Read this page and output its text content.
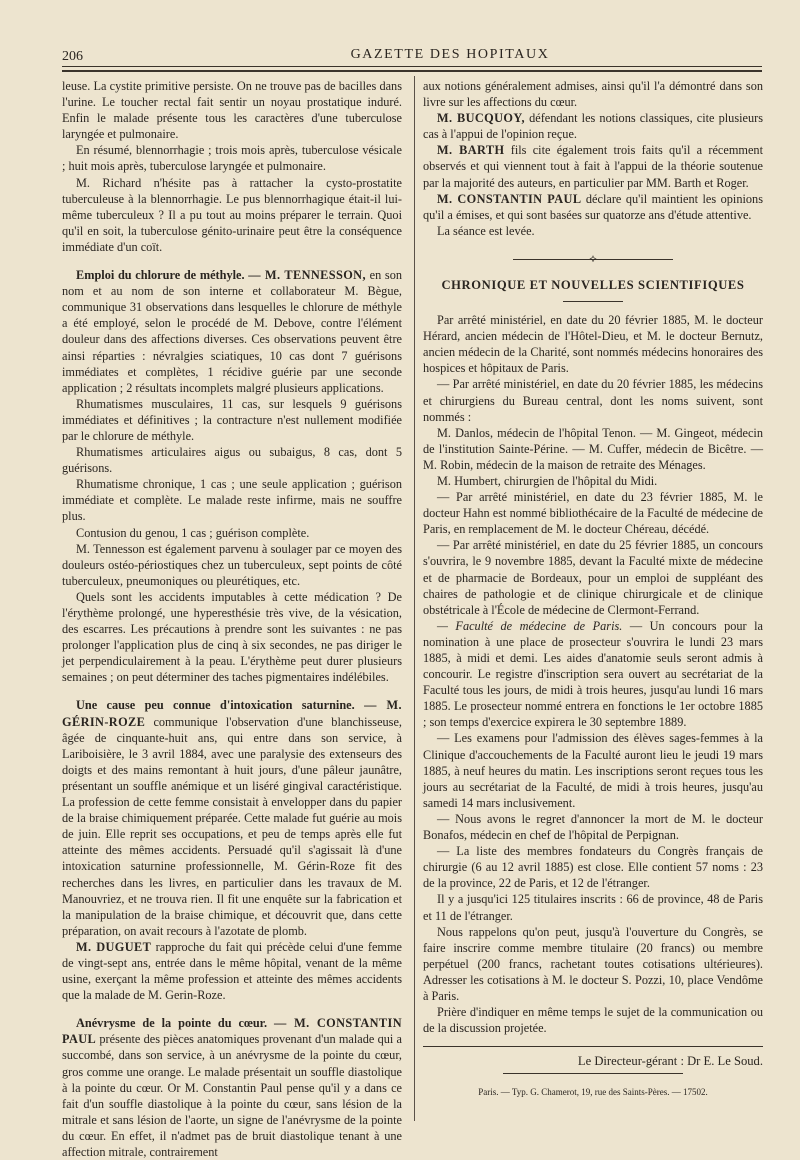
206	GAZETTE DES HOPITAUX

leuse. La cystite primitive persiste. On ne trouve pas de bacilles dans l'urine. Le toucher rectal fait sentir un noyau prostatique induré. Enfin le malade présente tous les caractères d'une tuberculose laryngée et pulmonaire.

En résumé, blennorrhagie ; trois mois après, tuberculose vésicale ; huit mois après, tuberculose laryngée et pulmonaire.

M. Richard n'hésite pas à rattacher la cysto-prostatite tuberculeuse à la blennorrhagie. Le pus blennorrhagique était-il lui-même tuberculeux ? Il a pu tout au moins préparer le terrain. Quoi qu'il en soit, la tuberculose génito-urinaire peut être la conséquence immédiate d'un coït.

Emploi du chlorure de méthyle. — M. TENNESSON, en son nom et au nom de son interne et collaborateur M. Bègue, communique 31 observations dans lesquelles le chlorure de méthyle a été employé, selon le procédé de M. Debove, contre l'élément douleur dans des affections diverses. Ces observations peuvent être ainsi réparties : névralgies sciatiques, 10 cas dont 7 guérisons immédiates et complètes, 1 récidive guérie par une seconde application ; 2 résultats incomplets malgré plusieurs applications.

Rhumatismes musculaires, 11 cas, sur lesquels 9 guérisons immédiates et définitives ; la contracture n'est nullement modifiée par le chlorure de méthyle.

Rhumatismes articulaires aigus ou subaigus, 8 cas, dont 5 guérisons.

Rhumatisme chronique, 1 cas ; une seule application ; guérison immédiate et complète. Le malade reste infirme, mais ne souffre plus.

Contusion du genou, 1 cas ; guérison complète.

M. Tennesson est également parvenu à soulager par ce moyen des douleurs ostéo-périostiques chez un tuberculeux, sept points de côté tuberculeux, pneumoniques ou pleurétiques, etc.

Quels sont les accidents imputables à cette médication ? De l'érythème prolongé, une hyperesthésie très vive, de la vésication, des escarres. Les précautions à prendre sont les suivantes : ne pas prolonger l'application plus de cinq à six secondes, ne pas diriger le jet perpendiculairement à la peau. L'érythème peut durer plusieurs semaines ; on peut déterminer des taches pigmentaires indélébiles.

Une cause peu connue d'intoxication saturnine. — M. GÉRIN-ROZE communique l'observation d'une blanchisseuse, âgée de cinquante-huit ans, qui entre dans son service, à Lariboisière, le 3 avril 1884, avec une paralysie des extenseurs des doigts et des mains remontant à huit jours, d'une pâleur jaunâtre, présentant un souffle anémique et un liséré gingival caractéristique. La profession de cette femme consistait à envelopper dans du papier de la braise chimiquement préparée. Cette malade fut guérie au mois de juin. Elle reprit ses occupations, et peu de temps après elle fut atteinte des mêmes accidents. Persuadé qu'il s'agissait là d'une intoxication saturnine professionnelle, M. Gérin-Roze fit des recherches dans les livres, en particulier dans les travaux de M. Manouvriez, et ne trouva rien. Il fit une enquête sur la fabrication et la manipulation de la braise chimique, et découvrit que, dans cette préparation, on avait recours à l'azotate de plomb.

M. DUGUET rapproche du fait qui précède celui d'une femme de vingt-sept ans, entrée dans le même hôpital, venant de la même usine, exerçant la même profession et atteinte des mêmes accidents que la malade de M. Gerin-Roze.

Anévrysme de la pointe du cœur. — M. CONSTANTIN PAUL présente des pièces anatomiques provenant d'un malade qui a succombé, dans son service, à un anévrysme de la pointe du cœur, gros comme une orange. Le malade présentait un souffle diastolique à la pointe du cœur. Or M. Constantin Paul pense qu'il y a dans ce fait d'un souffle diastolique à la pointe du cœur, sans lésion de la mitrale et sans lésion de l'aorte, un signe de l'anévrysme de la pointe du cœur. En effet, il n'admet pas de bruit diastolique tenant à une affection mitrale, contrairement

aux notions généralement admises, ainsi qu'il l'a démontré dans son livre sur les affections du cœur.

M. BUCQUOY, défendant les notions classiques, cite plusieurs cas à l'appui de l'opinion reçue.

M. BARTH fils cite également trois faits qu'il a récemment observés et qui viennent tout à fait à l'appui de la théorie soutenue par la majorité des auteurs, en particulier par MM. Barth et Roger.

M. CONSTANTIN PAUL déclare qu'il maintient les opinions qu'il a émises, et qui sont basées sur quatorze ans d'étude attentive.

La séance est levée.

⟡
CHRONIQUE ET NOUVELLES SCIENTIFIQUES

Par arrêté ministériel, en date du 20 février 1885, M. le docteur Hérard, ancien médecin de l'Hôtel-Dieu, et M. le docteur Bernutz, ancien médecin de la Charité, sont nommés médecins honoraires des hospices et hôpitaux de Paris.

— Par arrêté ministériel, en date du 20 février 1885, les médecins et chirurgiens du Bureau central, dont les noms suivent, sont nommés :

M. Danlos, médecin de l'hôpital Tenon. — M. Gingeot, médecin de l'institution Sainte-Périne. — M. Cuffer, médecin de Bicêtre. — M. Robin, médecin de la maison de retraite des Ménages.

M. Humbert, chirurgien de l'hôpital du Midi.

— Par arrêté ministériel, en date du 23 février 1885, M. le docteur Hahn est nommé bibliothécaire de la Faculté de médecine de Paris, en remplacement de M. le docteur Chéreau, décédé.

— Par arrêté ministériel, en date du 25 février 1885, un concours s'ouvrira, le 9 novembre 1885, devant la Faculté mixte de médecine et de pharmacie de Bordeaux, pour un emploi de suppléant des chaires de pathologie et de clinique chirurgicale et de clinique obstétricale à l'École de médecine de Clermont-Ferrand.

— Faculté de médecine de Paris. — Un concours pour la nomination à une place de prosecteur s'ouvrira le lundi 23 mars 1885, à midi et demi. Les aides d'anatomie seuls seront admis à concourir. Le registre d'inscription sera ouvert au secrétariat de la Faculté tous les jours, de midi à trois heures, jusqu'au lundi 16 mars 1885. Le prosecteur nommé entrera en fonctions le 1er octobre 1885 ; son temps d'exercice expirera le 30 septembre 1889.

— Les examens pour l'admission des élèves sages-femmes à la Clinique d'accouchements de la Faculté auront lieu le jeudi 19 mars 1885, à neuf heures du matin. Les inscriptions seront reçues tous les jours au secrétariat de la Faculté, de midi à trois heures, jusqu'au samedi 14 mars inclusivement.

— Nous avons le regret d'annoncer la mort de M. le docteur Bonafos, médecin en chef de l'hôpital de Perpignan.

— La liste des membres fondateurs du Congrès français de chirurgie (6 au 12 avril 1885) est close. Elle contient 57 noms : 23 de la province, 22 de Paris, et 12 de l'étranger.

Il y a jusqu'ici 125 titulaires inscrits : 66 de province, 48 de Paris et 11 de l'étranger.

Nous rappelons qu'on peut, jusqu'à l'ouverture du Congrès, se faire inscrire comme membre titulaire (20 francs) ou membre perpétuel (200 francs, rachetant toutes cotisations ultérieures). Adresser les cotisations à M. le docteur S. Pozzi, 10, place Vendôme à Paris.

Prière d'indiquer en même temps le sujet de la communication ou de la discussion projetée.

Le Directeur-gérant : Dr E. Le Soud.

Paris. — Typ. G. Chamerot, 19, rue des Saints-Pères. — 17502.
